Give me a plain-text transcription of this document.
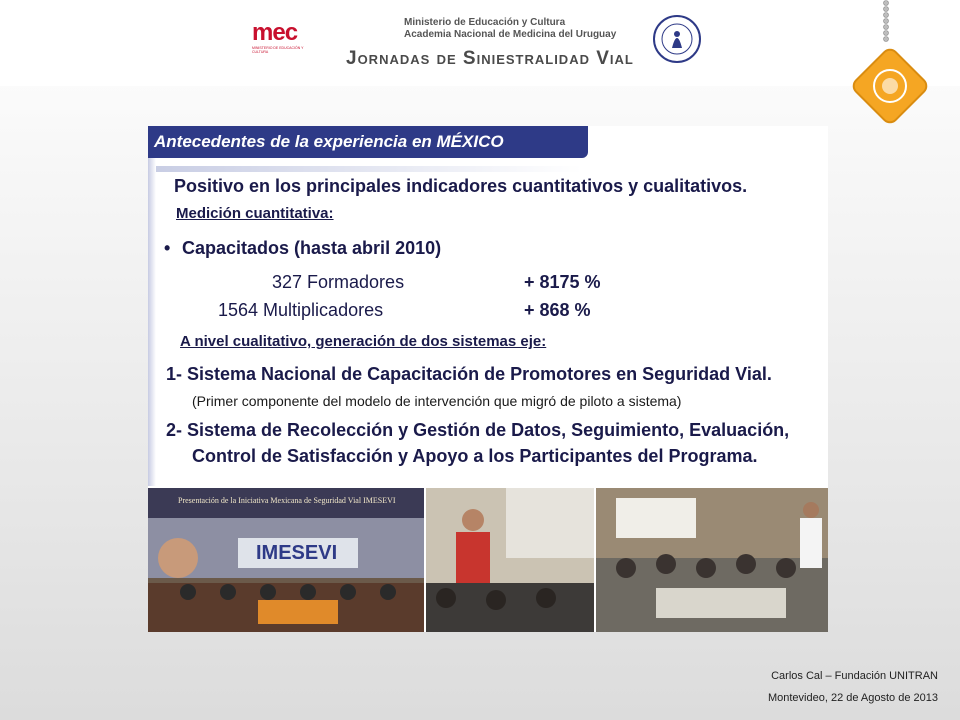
mec
MINISTERIO DE EDUCACIÓN Y CULTURA
Ministerio de Educación y Cultura
Academia Nacional de Medicina del Uruguay
Jornadas de Siniestralidad Vial
Antecedentes de la experiencia en MÉXICO
Positivo en los principales indicadores cuantitativos y cualitativos.
Medición cuantitativa:
• Capacitados (hasta abril 2010)
327 Formadores	+ 8175 %
1564 Multiplicadores	+ 868 %
A nivel cualitativo, generación de dos sistemas eje:
1- Sistema Nacional de Capacitación de Promotores en Seguridad Vial.
(Primer componente del modelo de intervención que migró de piloto a sistema)
2- Sistema de Recolección y Gestión de Datos, Seguimiento, Evaluación,
Control de Satisfacción y Apoyo a los Participantes del Programa.
Presentación de la Iniciativa Mexicana de Seguridad Vial IMESEVI
IMESEVI
Carlos Cal – Fundación UNITRAN
Montevideo, 22 de Agosto de 2013
